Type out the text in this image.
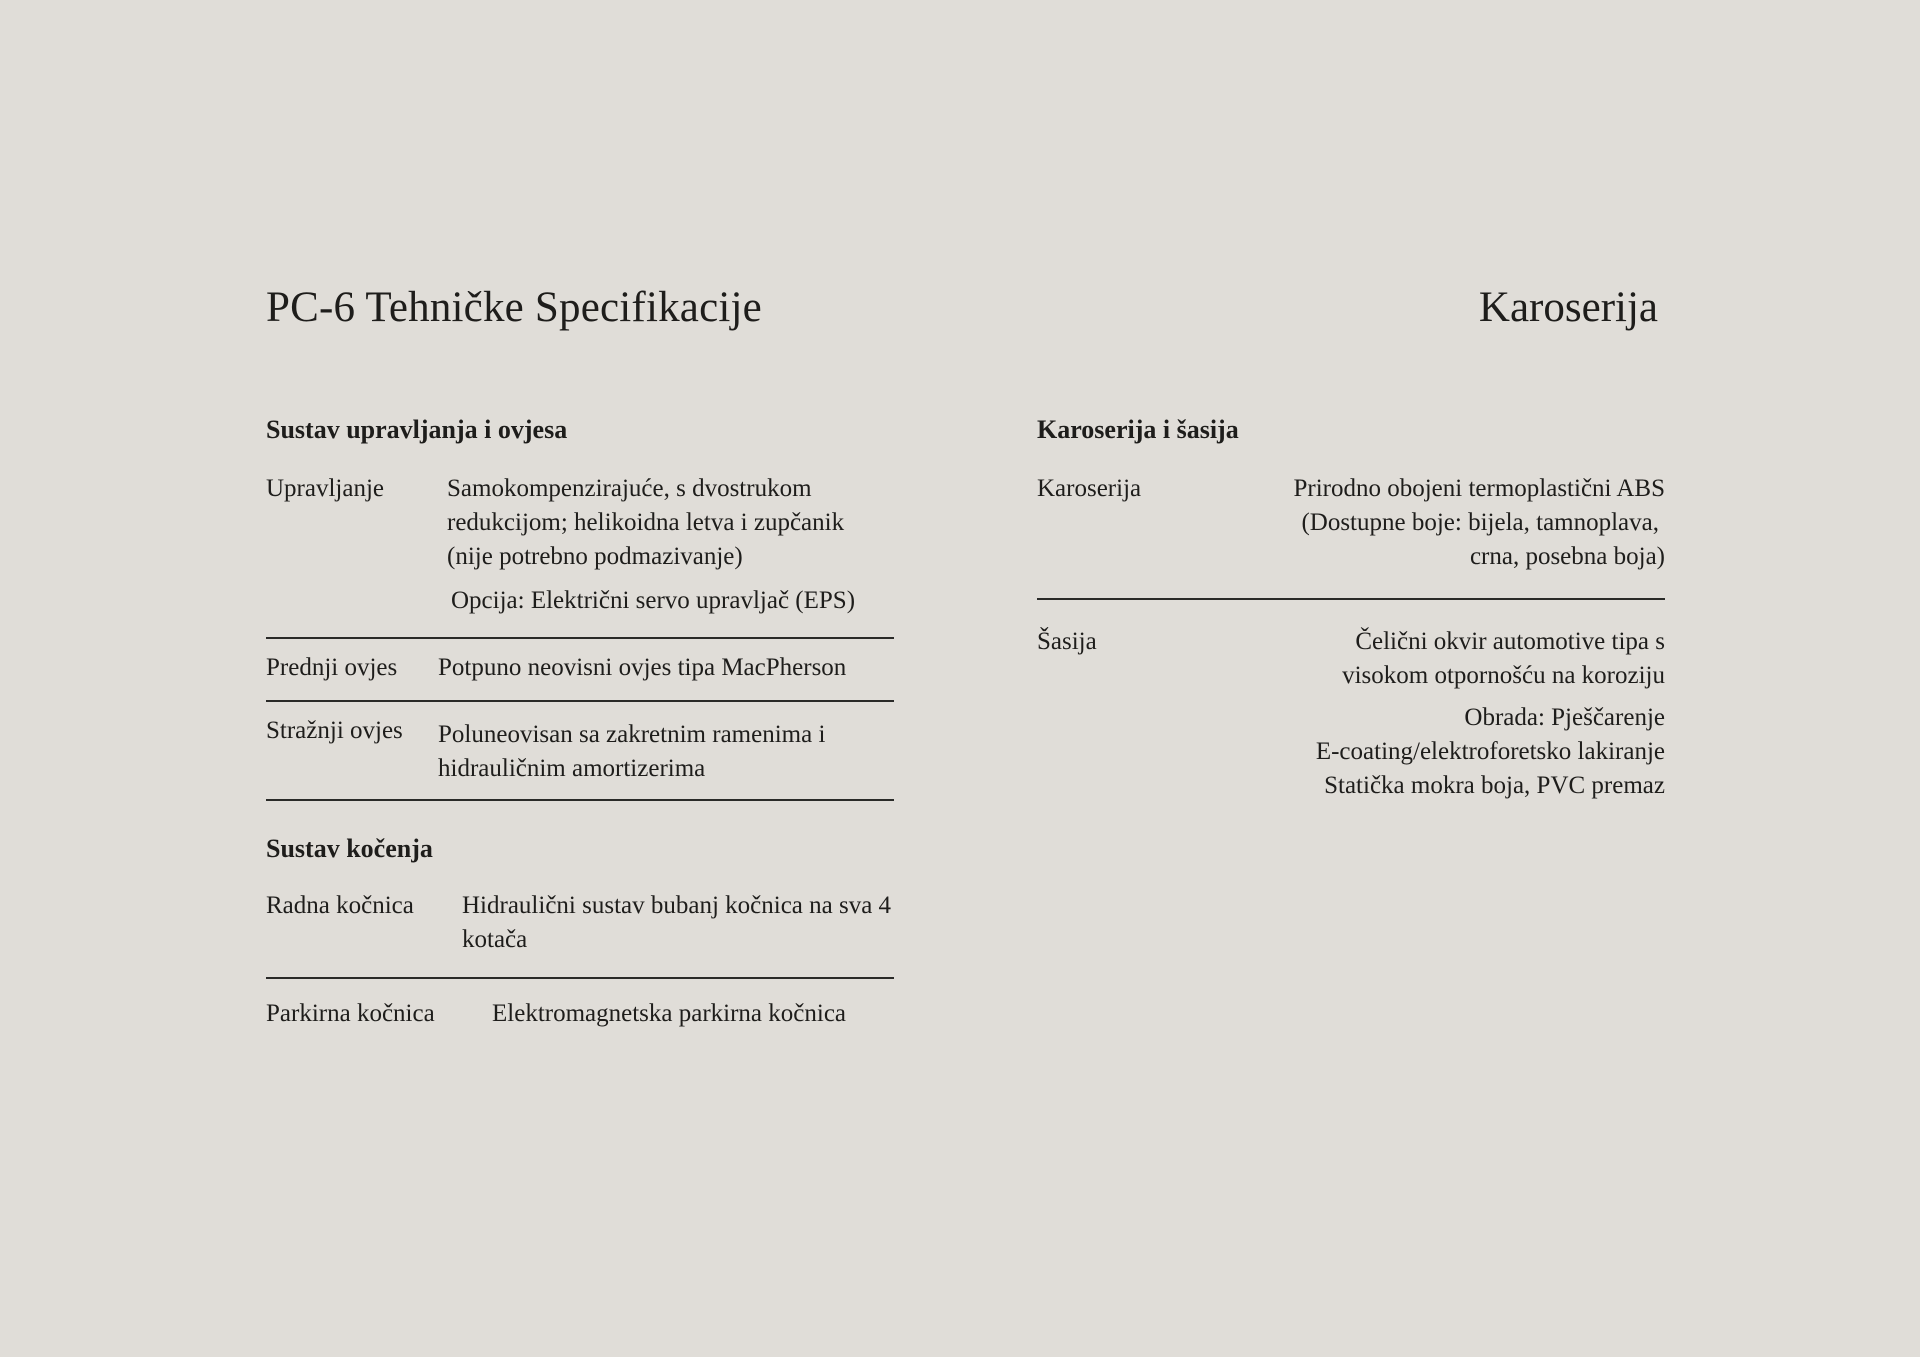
PC-6 Tehničke Specifikacije	Karoserija
Sustav upravljanja i ovjesa
Upravljanje	Samokompenzirajuće, s dvostrukom
redukcijom; helikoidna letva i zupčanik
(nije potrebno podmazivanje)
Opcija: Električni servo upravljač (EPS)
Prednji ovjes	Potpuno neovisni ovjes tipa MacPherson
Stražnji ovjes	Poluneovisan sa zakretnim ramenima i
hidrauličnim amortizerima
Sustav kočenja
Radna kočnica	Hidraulični sustav bubanj kočnica na sva 4
kotača
Parkirna kočnica	Elektromagnetska parkirna kočnica
Karoserija i šasija
Karoserija	Prirodno obojeni termoplastični ABS
(Dostupne boje: bijela, tamnoplava,
crna, posebna boja)
Šasija	Čelični okvir automotive tipa s
visokom otpornošću na koroziju
Obrada: Pješčarenje
E-coating/elektroforetsko lakiranje
Statička mokra boja, PVC premaz
